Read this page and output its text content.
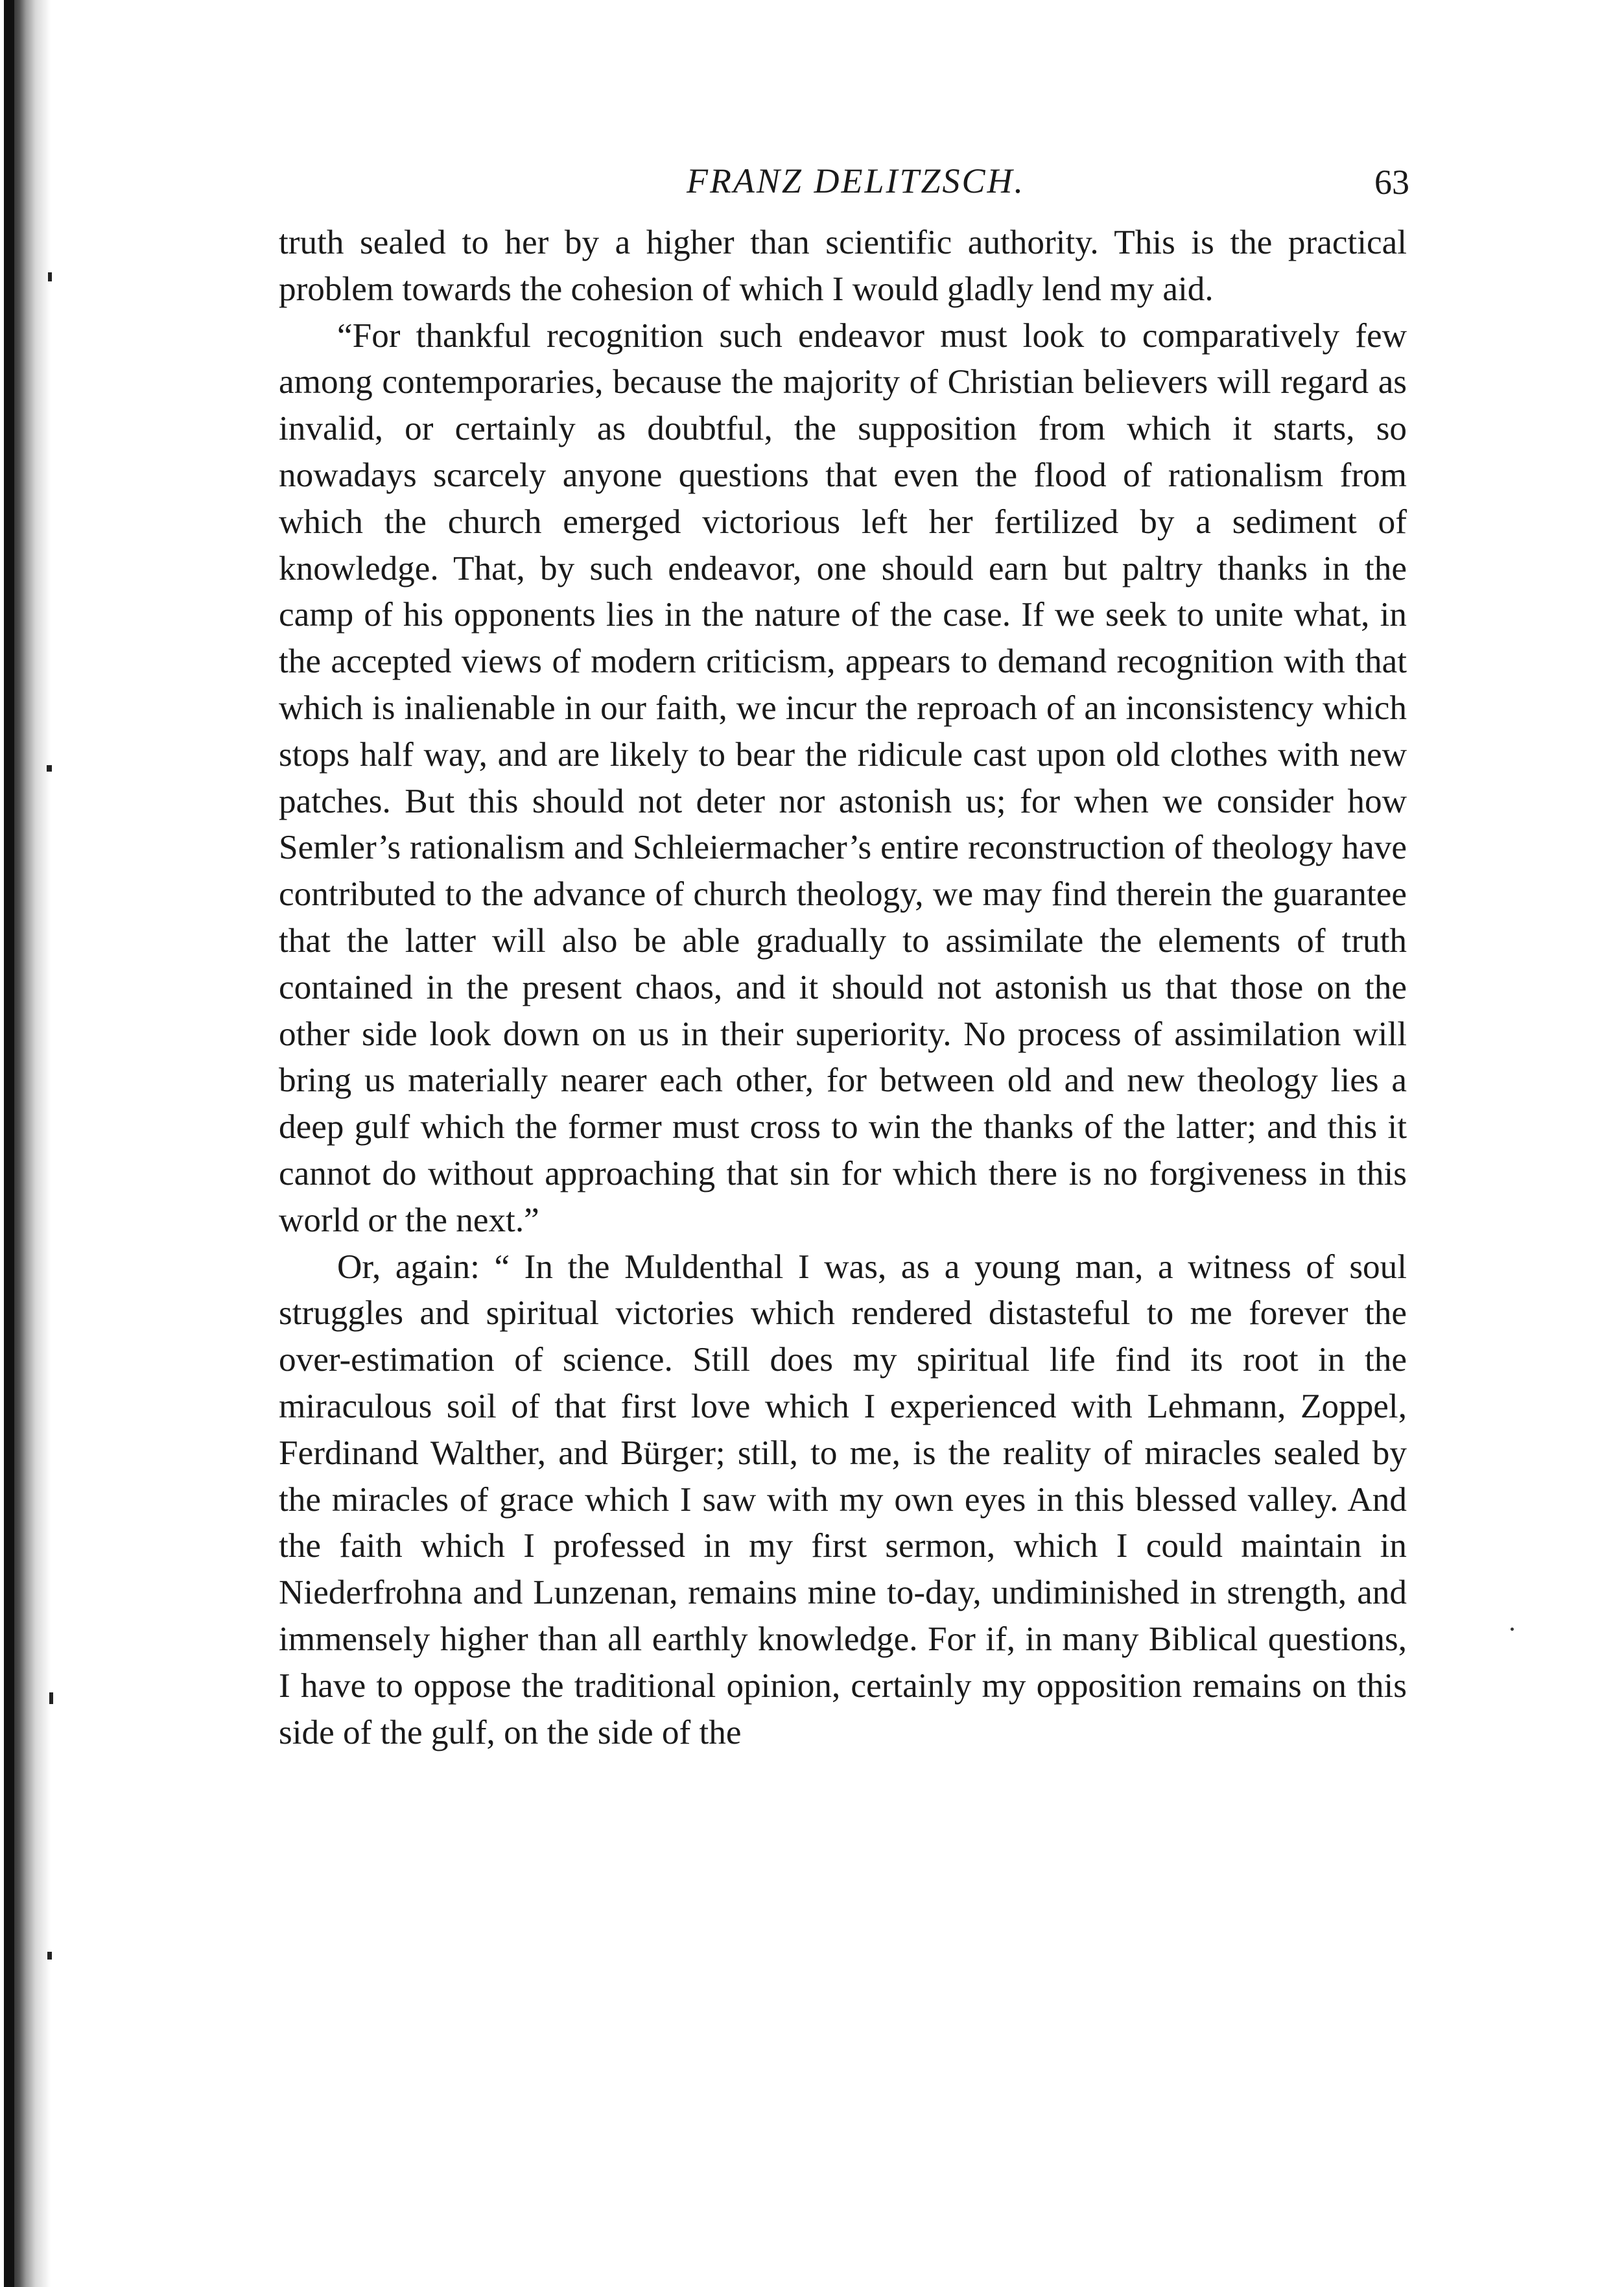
FRANZ DELITZSCH.	63

truth sealed to her by a higher than scientific authority. This is the practical problem towards the cohesion of which I would gladly lend my aid.

“For thankful recognition such endeavor must look to comparatively few among contemporaries, because the majority of Christian believers will regard as invalid, or certainly as doubtful, the supposition from which it starts, so nowadays scarcely anyone questions that even the flood of rationalism from which the church emerged victorious left her fertilized by a sediment of knowledge. That, by such endeavor, one should earn but paltry thanks in the camp of his opponents lies in the nature of the case. If we seek to unite what, in the accepted views of modern criticism, appears to demand recognition with that which is inalienable in our faith, we incur the reproach of an inconsistency which stops half way, and are likely to bear the ridicule cast upon old clothes with new patches. But this should not deter nor astonish us; for when we consider how Semler’s rationalism and Schleiermacher’s entire reconstruction of theology have contributed to the advance of church theology, we may find therein the guarantee that the latter will also be able gradually to assimilate the elements of truth contained in the present chaos, and it should not astonish us that those on the other side look down on us in their superiority. No process of assimilation will bring us materially nearer each other, for between old and new theology lies a deep gulf which the former must cross to win the thanks of the latter; and this it cannot do without approaching that sin for which there is no forgiveness in this world or the next.”

Or, again: “ In the Muldenthal I was, as a young man, a witness of soul struggles and spiritual victories which rendered distasteful to me forever the over-estimation of science. Still does my spiritual life find its root in the miraculous soil of that first love which I experienced with Lehmann, Zoppel, Ferdinand Walther, and Bürger; still, to me, is the reality of miracles sealed by the miracles of grace which I saw with my own eyes in this blessed valley. And the faith which I professed in my first sermon, which I could maintain in Niederfrohna and Lunzenan, remains mine to-day, undiminished in strength, and immensely higher than all earthly knowledge. For if, in many Biblical questions, I have to oppose the traditional opinion, certainly my opposition remains on this side of the gulf, on the side of the
